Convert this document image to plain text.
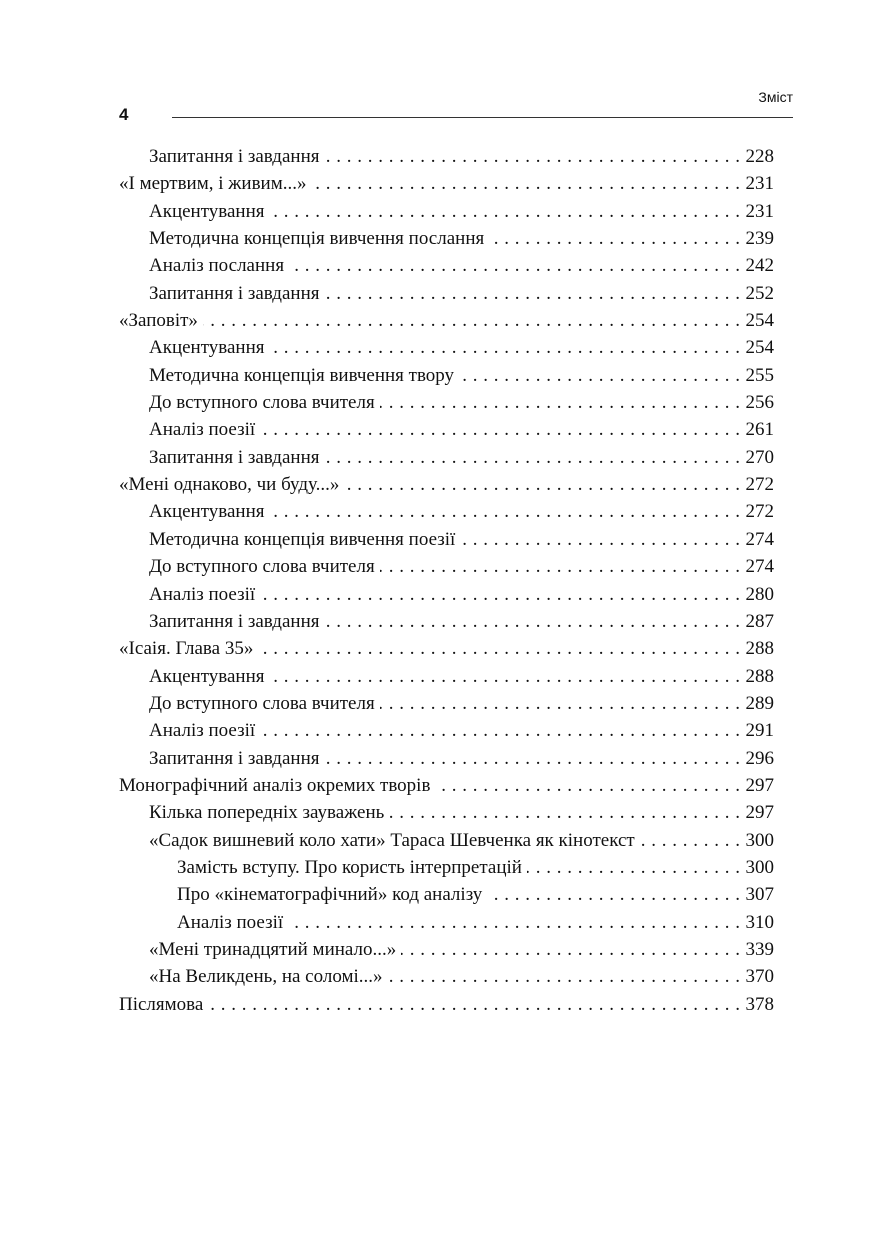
4
Зміст
Запитання і завдання . . .	228
«І мертвим, і живим...» . . .	231
Акцентування . . .	231
Методична концепція вивчення послання . . .	239
Аналіз послання . . .	242
Запитання і завдання . . .	252
«Заповіт» . . .	254
Акцентування . . .	254
Методична концепція вивчення твору . . .	255
До вступного слова вчителя . . .	256
Аналіз поезії . . .	261
Запитання і завдання . . .	270
«Мені однаково, чи буду...» . . .	272
Акцентування . . .	272
Методична концепція вивчення поезії . . .	274
До вступного слова вчителя . . .	274
Аналіз поезії . . .	280
Запитання і завдання . . .	287
«Ісаія. Глава 35» . . .	288
Акцентування . . .	288
До вступного слова вчителя . . .	289
Аналіз поезії . . .	291
Запитання і завдання . . .	296
Монографічний аналіз окремих творів . . .	297
Кілька попередніх зауважень . . .	297
«Садок вишневий коло хати» Тараса Шевченка як кінотекст . . .	300
Замість вступу. Про користь інтерпретацій . . .	300
Про «кінематографічний» код аналізу . . .	307
Аналіз поезії . . .	310
«Мені тринадцятий минало...» . . .	339
«На Великдень, на соломі...» . . .	370
Післямова . . .	378
